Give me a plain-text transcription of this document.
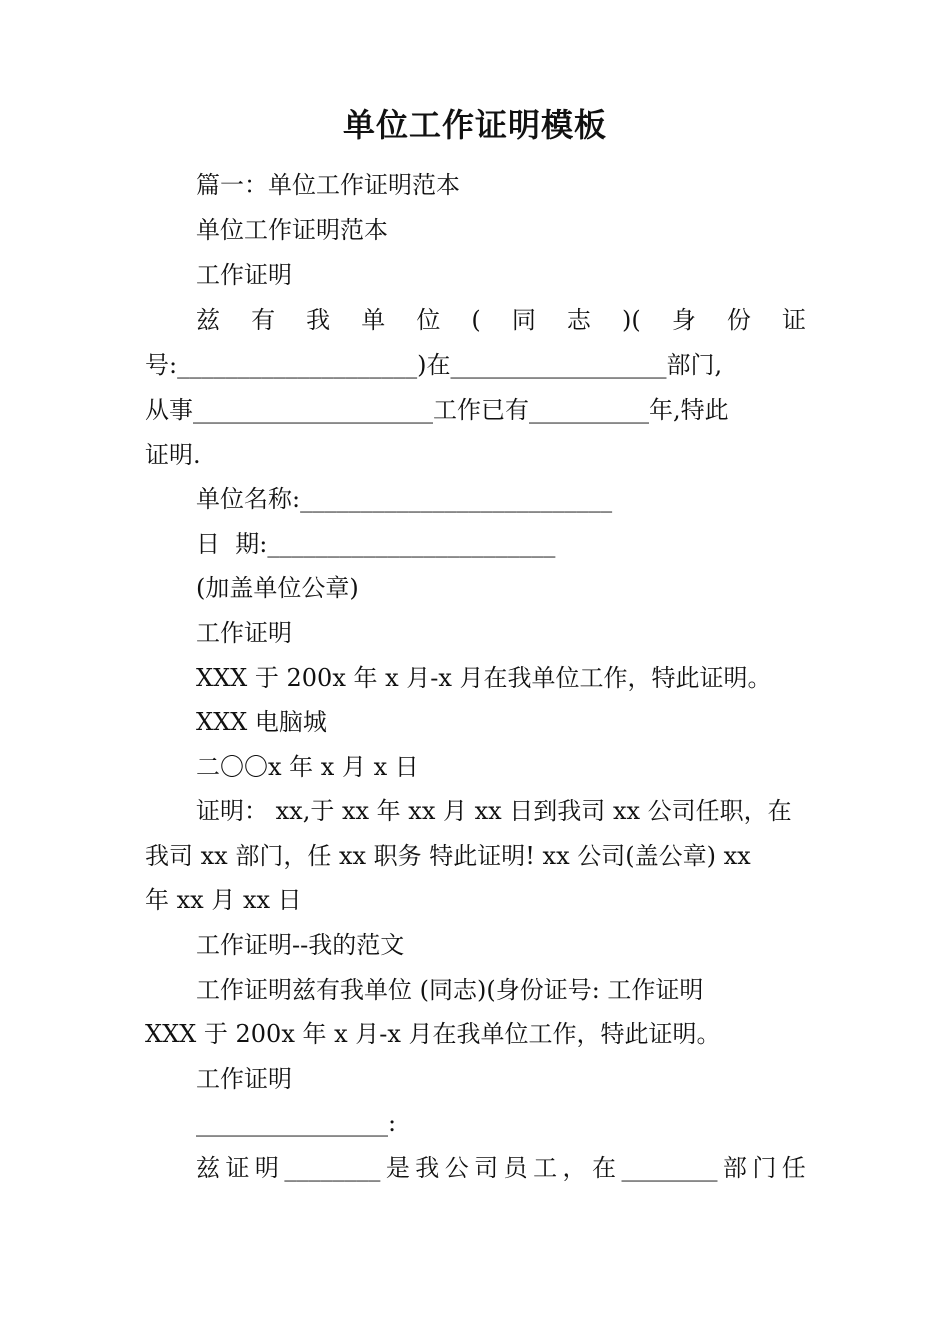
单位工作证明模板
篇一：单位工作证明范本
单位工作证明范本
工作证明
兹 有 我 单 位 ( 同 志 )( 身 份 证
号:____________________)在__________________部门,
从事____________________工作已有__________年,特此
证明.
单位名称:__________________________
日  期:________________________
(加盖单位公章)
工作证明
XXX 于 200x 年 x 月-x 月在我单位工作，特此证明。
XXX 电脑城
二〇〇x 年 x 月 x 日
证明： xx,于 xx 年 xx 月 xx 日到我司 xx 公司任职，在
我司 xx 部门，任 xx 职务 特此证明! xx 公司(盖公章) xx
年 xx 月 xx 日
工作证明--我的范文
工作证明兹有我单位 (同志)(身份证号: 工作证明
XXX 于 200x 年 x 月-x 月在我单位工作，特此证明。
工作证明
________________:
兹 证 明 ________ 是 我 公 司 员 工 ， 在 ________ 部 门 任
